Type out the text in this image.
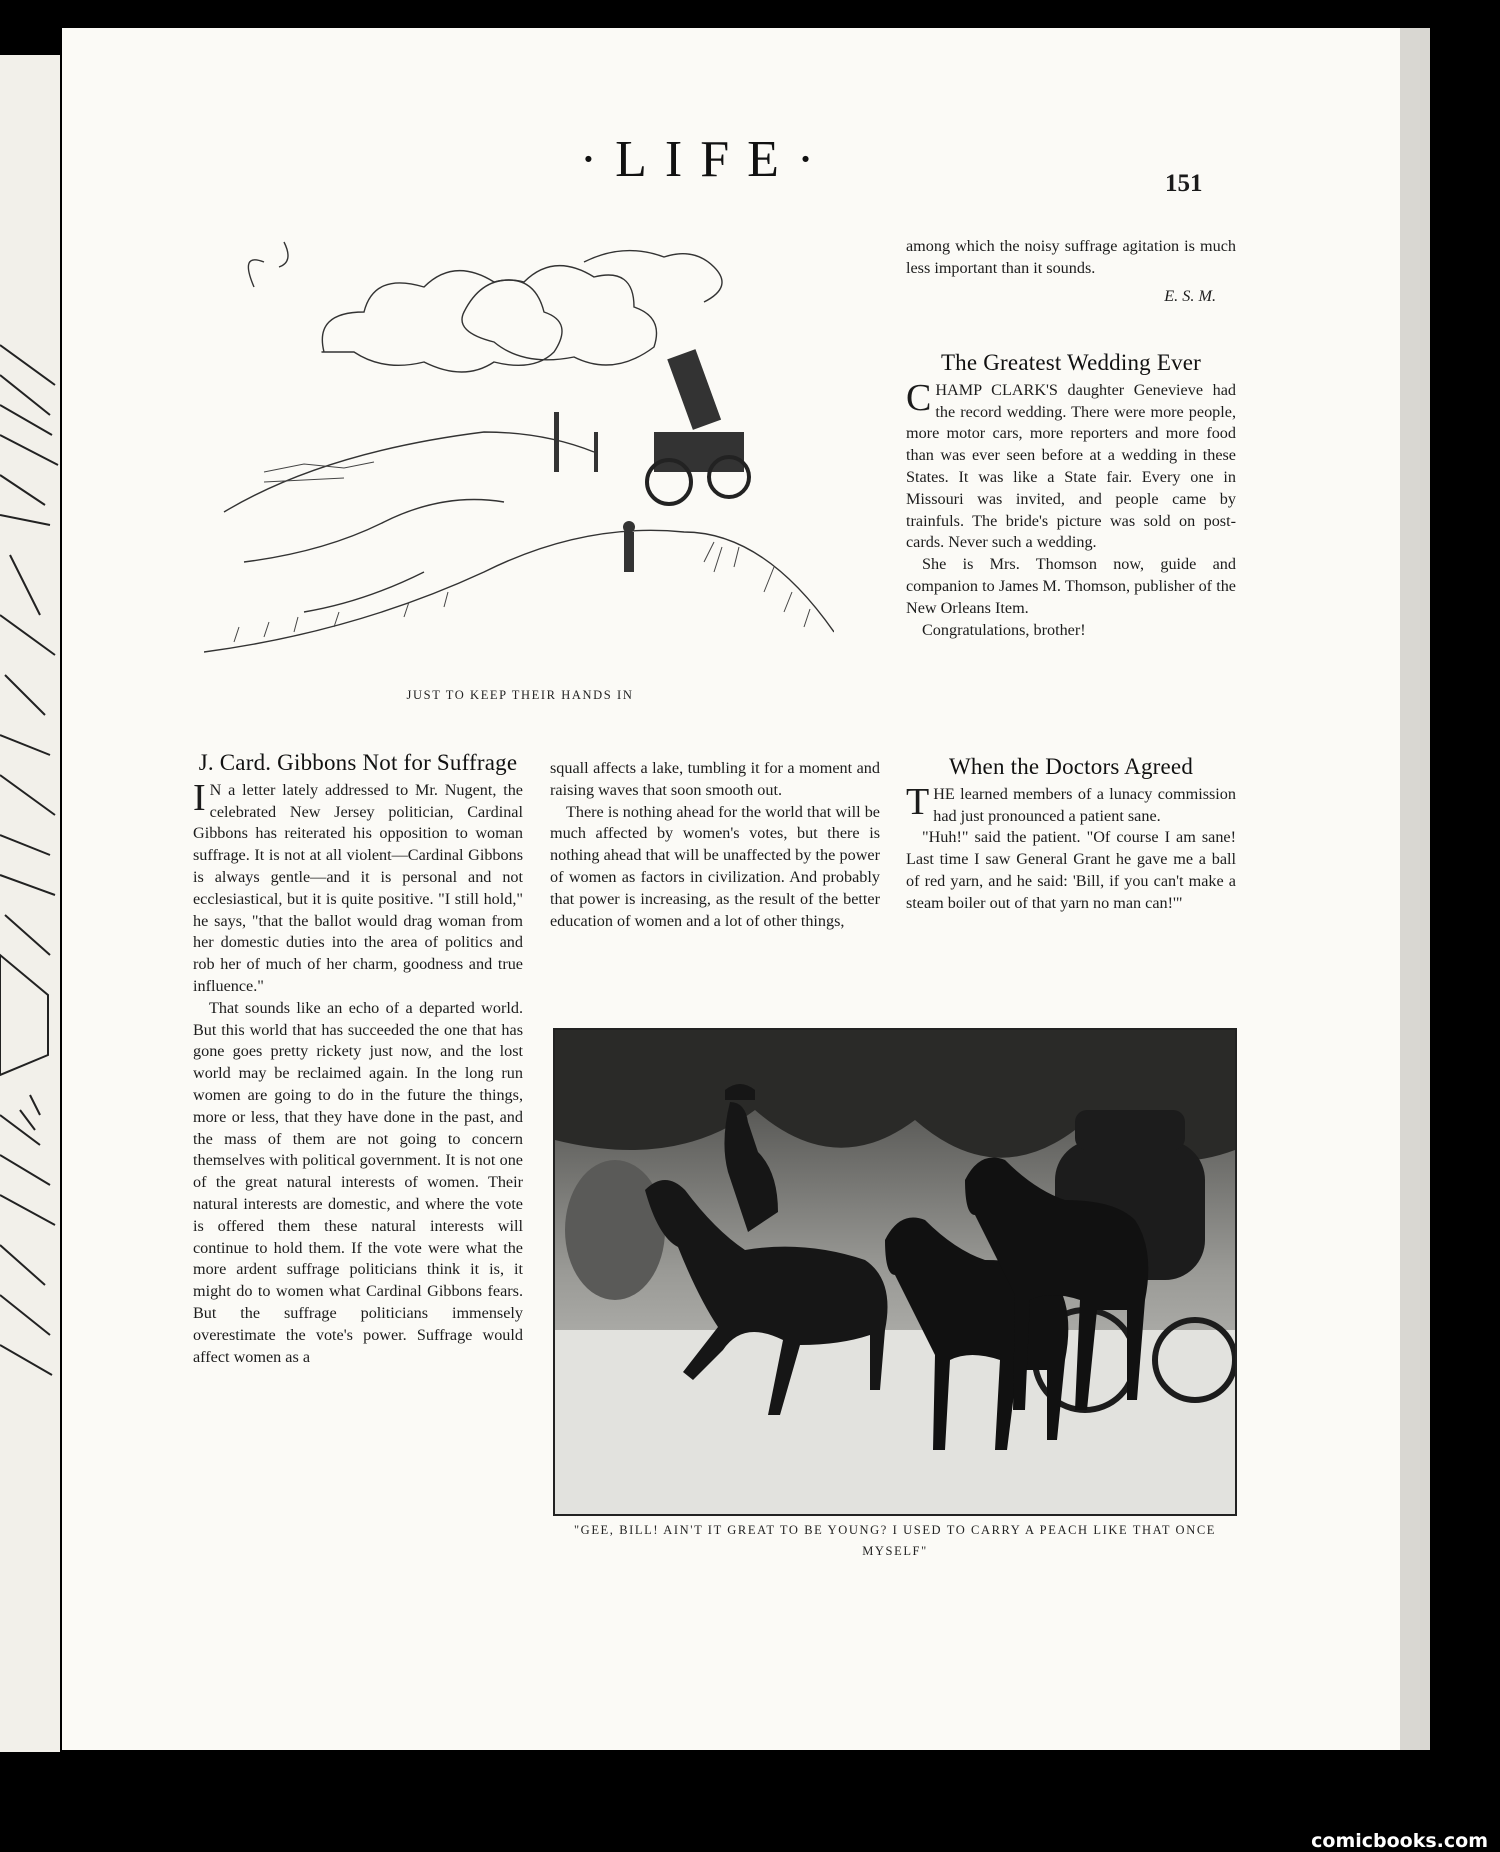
·LIFE·	151
JUST TO KEEP THEIR HANDS IN

among which the noisy suffrage agitation is much less important than it sounds.

E. S. M.

The Greatest Wedding Ever

CHAMP CLARK'S daughter Genevieve had the record wedding. There were more people, more motor cars, more reporters and more food than was ever seen before at a wedding in these States. It was like a State fair. Every one in Missouri was invited, and people came by trainfuls. The bride's picture was sold on post-cards. Never such a wedding.

She is Mrs. Thomson now, guide and companion to James M. Thomson, publisher of the New Orleans Item.

Congratulations, brother!

J. Card. Gibbons Not for Suffrage

IN a letter lately addressed to Mr. Nugent, the celebrated New Jersey politician, Cardinal Gibbons has reiterated his opposition to woman suffrage. It is not at all violent—Cardinal Gibbons is always gentle—and it is personal and not ecclesiastical, but it is quite positive. "I still hold," he says, "that the ballot would drag woman from her domestic duties into the area of politics and rob her of much of her charm, goodness and true influence."

That sounds like an echo of a departed world. But this world that has succeeded the one that has gone goes pretty rickety just now, and the lost world may be reclaimed again. In the long run women are going to do in the future the things, more or less, that they have done in the past, and the mass of them are not going to concern themselves with political government. It is not one of the great natural interests of women. Their natural interests are domestic, and where the vote is offered them these natural interests will continue to hold them. If the vote were what the more ardent suffrage politicians think it is, it might do to women what Cardinal Gibbons fears. But the suffrage politicians immensely overestimate the vote's power. Suffrage would affect women as a

squall affects a lake, tumbling it for a moment and raising waves that soon smooth out.

There is nothing ahead for the world that will be much affected by women's votes, but there is nothing ahead that will be unaffected by the power of women as factors in civilization. And probably that power is increasing, as the result of the better education of women and a lot of other things,

When the Doctors Agreed

THE learned members of a lunacy commission had just pronounced a patient sane.

"Huh!" said the patient. "Of course I am sane! Last time I saw General Grant he gave me a ball of red yarn, and he said: 'Bill, if you can't make a steam boiler out of that yarn no man can!'"

"GEE, BILL! AIN'T IT GREAT TO BE YOUNG? I USED TO CARRY A PEACH LIKE THAT ONCE MYSELF"
comicbooks.com
